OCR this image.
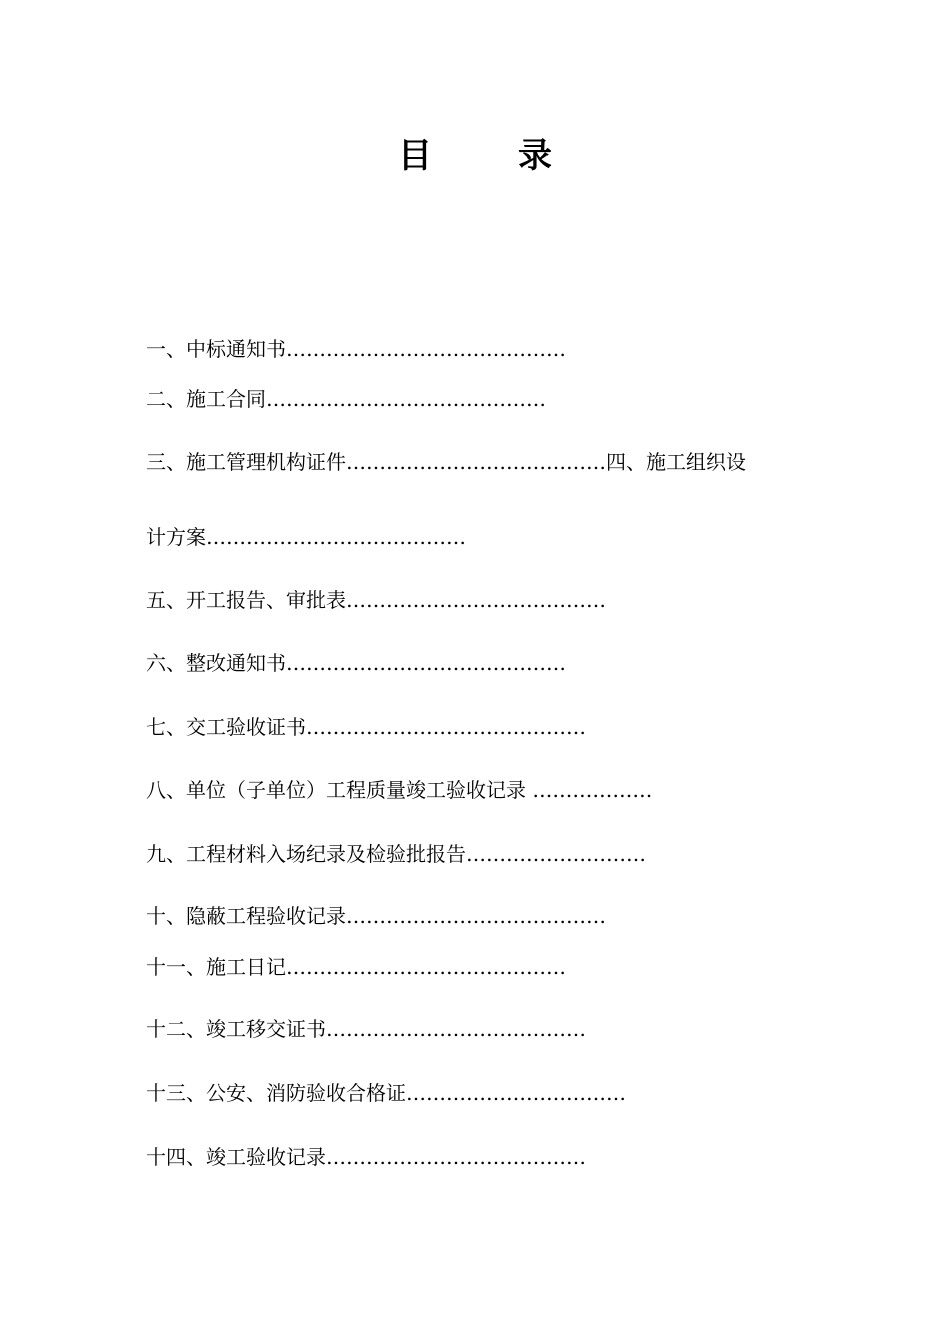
目	录
一、中标通知书……………………………………
二、施工合同……………………………………
三、施工管理机构证件…………………………………四、施工组织设
计方案…………………………………
五、开工报告、审批表…………………………………
六、整改通知书……………………………………
七、交工验收证书……………………………………
八、单位（子单位）工程质量竣工验收记录 ………………
九、工程材料入场纪录及检验批报告………………………
十、隐蔽工程验收记录…………………………………
十一、施工日记……………………………………
十二、竣工移交证书…………………………………
十三、公安、消防验收合格证……………………………
十四、竣工验收记录…………………………………
